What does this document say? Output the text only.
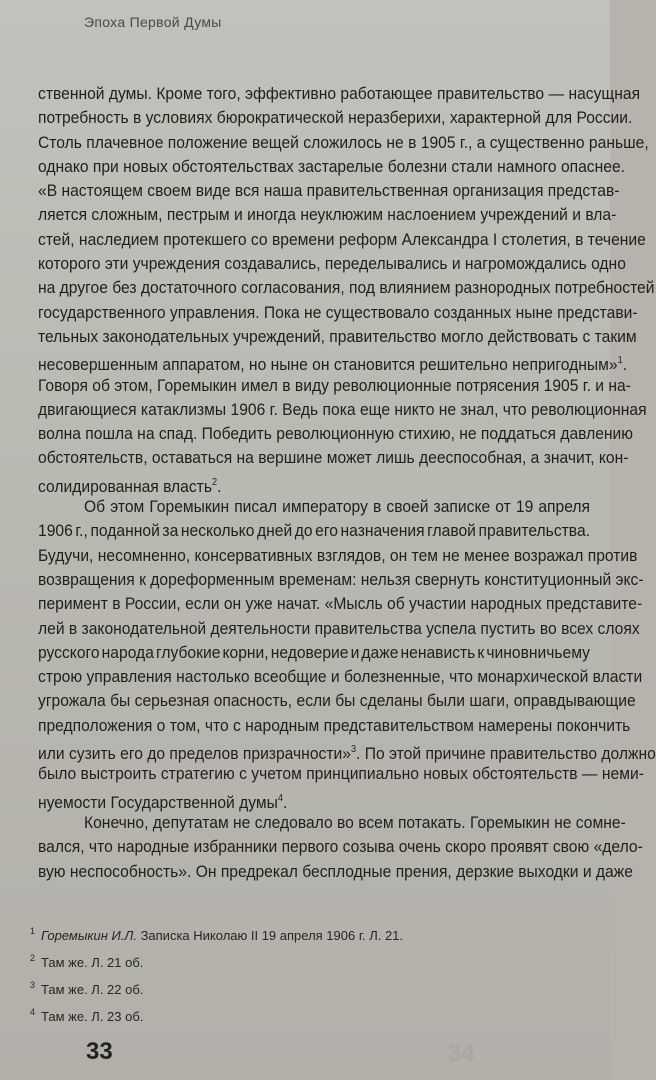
Эпоха Первой Думы
ственной думы. Кроме того, эффективно работающее правительство — насущная
потребность в условиях бюрократической неразберихи, характерной для России.
Столь плачевное положение вещей сложилось не в 1905 г., а существенно раньше,
однако при новых обстоятельствах застарелые болезни стали намного опаснее.
«В настоящем своем виде вся наша правительственная организация представ-
ляется сложным, пестрым и иногда неуклюжим наслоением учреждений и вла-
стей, наследием протекшего со времени реформ Александра I столетия, в течение
которого эти учреждения создавались, переделывались и нагромождались одно
на другое без достаточного согласования, под влиянием разнородных потребностей
государственного управления. Пока не существовало созданных ныне представи-
тельных законодательных учреждений, правительство могло действовать с таким
несовершенным аппаратом, но ныне он становится решительно непригодным»$^1$.
Говоря об этом, Горемыкин имел в виду революционные потрясения 1905 г. и на-
двигающиеся катаклизмы 1906 г. Ведь пока еще никто не знал, что революционная
волна пошла на спад. Победить революционную стихию, не поддаться давлению
обстоятельств, оставаться на вершине может лишь дееспособная, а значит, кон-
солидированная власть$^2$.
Об этом Горемыкин писал императору в своей записке от 19 апреля
1906 г., поданной за несколько дней до его назначения главой правительства.
Будучи, несомненно, консервативных взглядов, он тем не менее возражал против
возвращения к дореформенным временам: нельзя свернуть конституционный экс-
перимент в России, если он уже начат. «Мысль об участии народных представите-
лей в законодательной деятельности правительства успела пустить во всех слоях
русского народа глубокие корни, недоверие и даже ненависть к чиновничьему
строю управления настолько всеобщие и болезненные, что монархической власти
угрожала бы серьезная опасность, если бы сделаны были шаги, оправдывающие
предположения о том, что с народным представительством намерены покончить
или сузить его до пределов призрачности»$^3$. По этой причине правительство должно
было выстроить стратегию с учетом принципиально новых обстоятельств — неми-
нуемости Государственной думы$^4$.
Конечно, депутатам не следовало во всем потакать. Горемыкин не сомне-
вался, что народные избранники первого созыва очень скоро проявят свою «дело-
вую неспособность». Он предрекал бесплодные прения, дерзкие выходки и даже
$^1$ Горемыкин И.Л. Записка Николаю II 19 апреля 1906 г. Л. 21.
$^2$ Там же. Л. 21 об.
$^3$ Там же. Л. 22 об.
$^4$ Там же. Л. 23 об.
33	34
